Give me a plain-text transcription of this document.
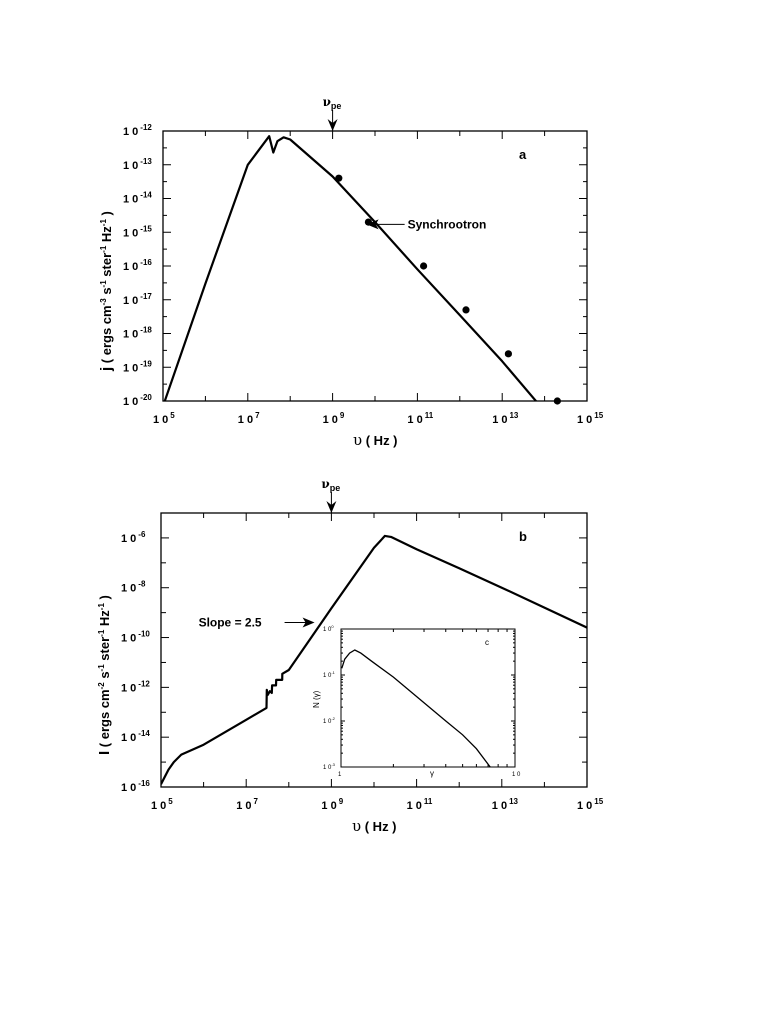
1 0 $^5$	1 0 $^7$	1 0 $^9$	1 0 $^{11}$	1 0 $^{13}$	1 0 $^{15}$
1 0 $^{-12}$
1 0 $^{-13}$
1 0 $^{-14}$
1 0 $^{-15}$
1 0 $^{-16}$
1 0 $^{-17}$
1 0 $^{-18}$
1 0 $^{-19}$
1 0 $^{-20}$
υ ( Hz )
j ( ergs $cm^{-3}$ $s^{-1}$ ster$^{-1}$ $Hz^{-1}$ )
$\nu_{pe}$
a
Synchrootron
1 0 $^5$	1 0 $^7$	1 0 $^9$	1 0 $^{11}$	1 0 $^{13}$	1 0 $^{15}$
1 0 $^{-6}$
1 0 $^{-8}$
1 0 $^{-10}$
1 0 $^{-12}$
1 0 $^{-14}$
1 0 $^{-16}$
υ ( Hz )
I ( ergs $cm^{-2}$ $s^{-1}$ ster$^{-1}$ $Hz^{-1}$ )
$\nu_{pe}$
b
Slope = 2.5
1	1 0
1 $0^0$
1 $0^{-1}$
1 $0^{-2}$
1 $0^{-3}$
γ
N (γ)
c
